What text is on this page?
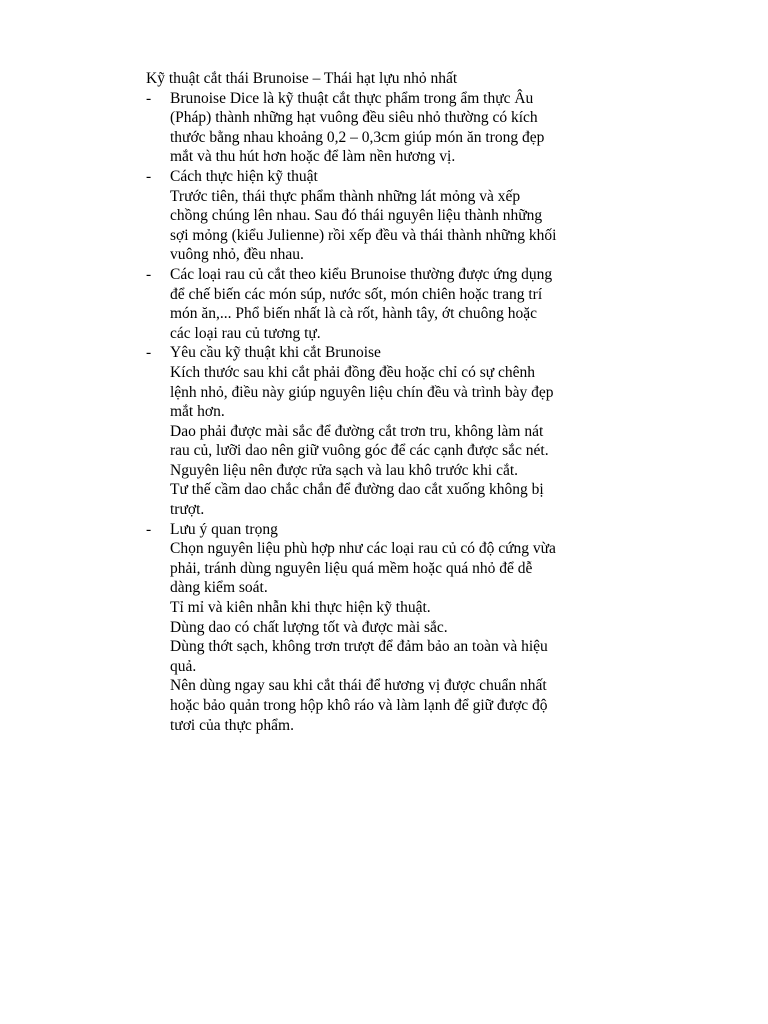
Kỹ thuật cắt thái Brunoise – Thái hạt lựu nhỏ nhất
- Brunoise Dice là kỹ thuật cắt thực phẩm trong ẩm thực Âu
(Pháp) thành những hạt vuông đều siêu nhỏ thường có kích
thước bằng nhau khoảng 0,2 – 0,3cm giúp món ăn trong đẹp
mắt và thu hút hơn hoặc để làm nền hương vị.
- Cách thực hiện kỹ thuật
Trước tiên, thái thực phẩm thành những lát mỏng và xếp
chồng chúng lên nhau. Sau đó thái nguyên liệu thành những
sợi mỏng (kiểu Julienne) rồi xếp đều và thái thành những khối
vuông nhỏ, đều nhau.
- Các loại rau củ cắt theo kiểu Brunoise thường được ứng dụng
để chế biến các món súp, nước sốt, món chiên hoặc trang trí
món ăn,... Phổ biến nhất là cà rốt, hành tây, ớt chuông hoặc
các loại rau củ tương tự.
- Yêu cầu kỹ thuật khi cắt Brunoise
Kích thước sau khi cắt phải đồng đều hoặc chỉ có sự chênh
lệnh nhỏ, điều này giúp nguyên liệu chín đều và trình bày đẹp
mắt hơn.
Dao phải được mài sắc để đường cắt trơn tru, không làm nát
rau củ, lưỡi dao nên giữ vuông góc để các cạnh được sắc nét.
Nguyên liệu nên được rửa sạch và lau khô trước khi cắt.
Tư thế cầm dao chắc chắn để đường dao cắt xuống không bị
trượt.
- Lưu ý quan trọng
Chọn nguyên liệu phù hợp như các loại rau củ có độ cứng vừa
phải, tránh dùng nguyên liệu quá mềm hoặc quá nhỏ để dễ
dàng kiểm soát.
Tỉ mỉ và kiên nhẫn khi thực hiện kỹ thuật.
Dùng dao có chất lượng tốt và được mài sắc.
Dùng thớt sạch, không trơn trượt để đảm bảo an toàn và hiệu
quả.
Nên dùng ngay sau khi cắt thái để hương vị được chuẩn nhất
hoặc bảo quản trong hộp khô ráo và làm lạnh để giữ được độ
tươi của thực phẩm.
